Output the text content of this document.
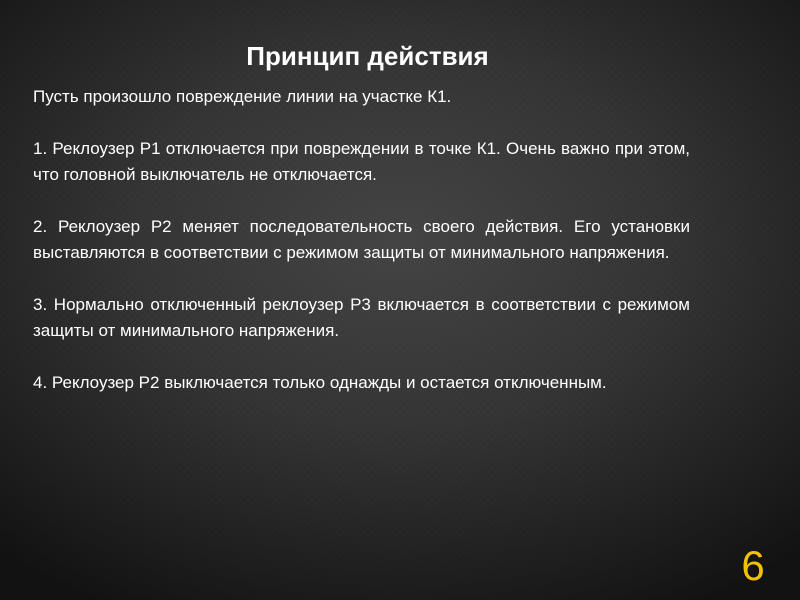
Принцип действия

Пусть произошло повреждение линии на участке К1.

1. Реклоузер Р1 отключается при повреждении в точке К1. Очень важно при этом, что головной выключатель не отключается.

2. Реклоузер Р2 меняет последовательность своего действия. Его установки выставляются в соответствии с режимом защиты от минимального напряжения.

3. Нормально отключенный реклоузер Р3 включается в соответствии с режимом защиты от минимального напряжения.

4. Реклоузер Р2 выключается только однажды и остается отключенным.

6
